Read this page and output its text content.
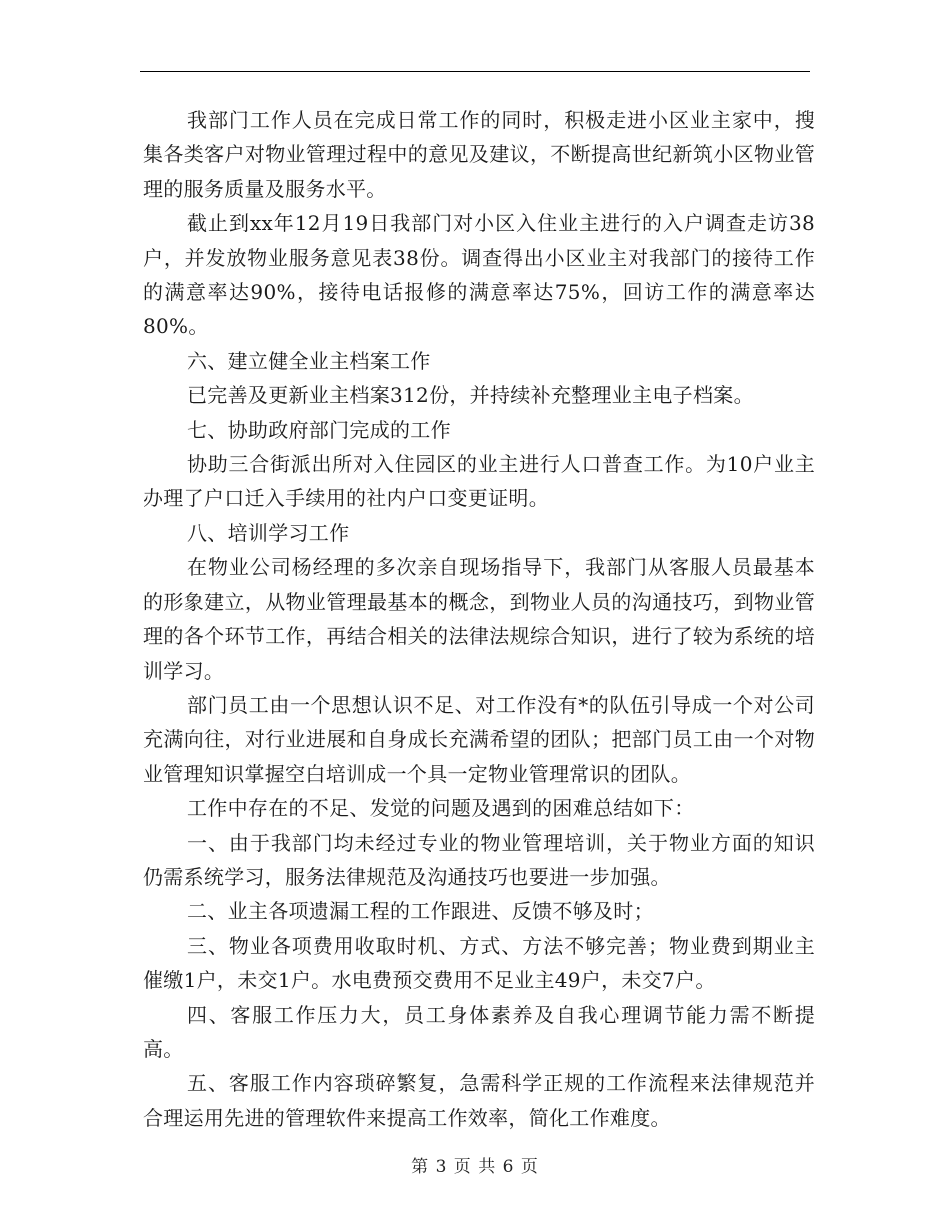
我部门工作人员在完成日常工作的同时，积极走进小区业主家中，搜集各类客户对物业管理过程中的意见及建议，不断提高世纪新筑小区物业管理的服务质量及服务水平。

截止到xx年12月19日我部门对小区入住业主进行的入户调查走访38户，并发放物业服务意见表38份。调查得出小区业主对我部门的接待工作的满意率达90%，接待电话报修的满意率达75%，回访工作的满意率达80%。

六、建立健全业主档案工作

已完善及更新业主档案312份，并持续补充整理业主电子档案。

七、协助政府部门完成的工作

协助三合街派出所对入住园区的业主进行人口普查工作。为10户业主办理了户口迁入手续用的社内户口变更证明。

八、培训学习工作

在物业公司杨经理的多次亲自现场指导下，我部门从客服人员最基本的形象建立，从物业管理最基本的概念，到物业人员的沟通技巧，到物业管理的各个环节工作，再结合相关的法律法规综合知识，进行了较为系统的培训学习。

部门员工由一个思想认识不足、对工作没有*的队伍引导成一个对公司充满向往，对行业进展和自身成长充满希望的团队；把部门员工由一个对物业管理知识掌握空白培训成一个具一定物业管理常识的团队。

工作中存在的不足、发觉的问题及遇到的困难总结如下：

一、由于我部门均未经过专业的物业管理培训，关于物业方面的知识仍需系统学习，服务法律规范及沟通技巧也要进一步加强。

二、业主各项遗漏工程的工作跟进、反馈不够及时；

三、物业各项费用收取时机、方式、方法不够完善；物业费到期业主催缴1户，未交1户。水电费预交费用不足业主49户，未交7户。

四、客服工作压力大，员工身体素养及自我心理调节能力需不断提高。

五、客服工作内容琐碎繁复，急需科学正规的工作流程来法律规范并合理运用先进的管理软件来提高工作效率，简化工作难度。

第 3 页 共 6 页
